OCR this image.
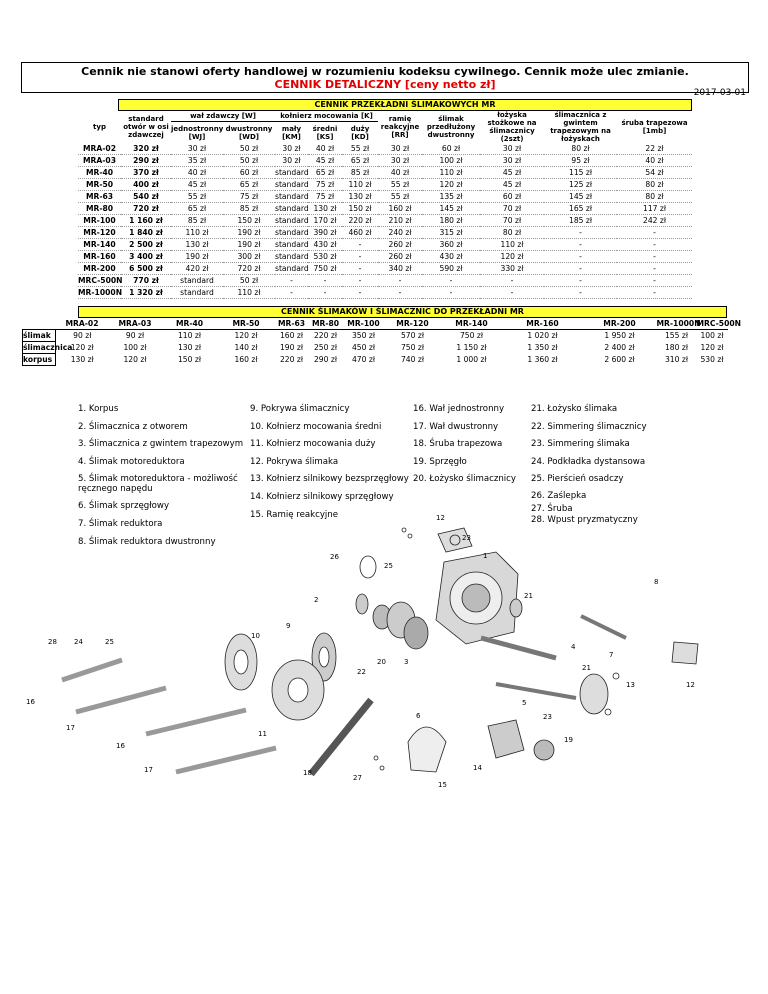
Cennik nie stanowi oferty handlowej w rozumieniu kodeksu cywilnego. Cennik może ulec zmianie.
CENNIK DETALICZNY [ceny netto zł]
2017-03-01
CENNIK PRZEKŁADNI ŚLIMAKOWYCH MR
typ	standard otwór w osi zdawczej	wał zdawczy [W]		kołnierz mocowania [K]			ramię reakcyjne [RR]	ślimak przedłużony dwustronny	łożyska stożkowe na ślimacznicy (2szt)	ślimacznica z gwintem trapezowym na łożyskach	śruba trapezowa [1mb]
		jednostronny [WJ]	dwustronny [WD]	mały [KM]	średni [KS]	duży [KD]					
MRA-02	320 zł	30 zł	50 zł	30 zł	40 zł	55 zł	30 zł	60 zł	30 zł	80 zł	22 zł
MRA-03	290 zł	35 zł	50 zł	30 zł	45 zł	65 zł	30 zł	100 zł	30 zł	95 zł	40 zł
MR-40	370 zł	40 zł	60 zł	standard	65 zł	85 zł	40 zł	110 zł	45 zł	115 zł	54 zł
MR-50	400 zł	45 zł	65 zł	standard	75 zł	110 zł	55 zł	120 zł	45 zł	125 zł	80 zł
MR-63	540 zł	55 zł	75 zł	standard	75 zł	130 zł	55 zł	135 zł	60 zł	145 zł	80 zł
MR-80	720 zł	65 zł	85 zł	standard	130 zł	150 zł	160 zł	145 zł	70 zł	165 zł	117 zł
MR-100	1 160 zł	85 zł	150 zł	standard	170 zł	220 zł	210 zł	180 zł	70 zł	185 zł	242 zł
MR-120	1 840 zł	110 zł	190 zł	standard	390 zł	460 zł	240 zł	315 zł	80 zł	-	-
MR-140	2 500 zł	130 zł	190 zł	standard	430 zł	-	260 zł	360 zł	110 zł	-	-
MR-160	3 400 zł	190 zł	300 zł	standard	530 zł	-	260 zł	430 zł	120 zł	-	-
MR-200	6 500 zł	420 zł	720 zł	standard	750 zł	-	340 zł	590 zł	330 zł	-	-
MRC-500N	770 zł	standard	50 zł	-	-	-	-	-	-	-	-
MR-1000N	1 320 zł	standard	110 zł	-	-	-	-	-	-	-	-
CENNIK ŚLIMAKÓW I ŚLIMACZNIC DO PRZEKŁADNI MR
	MRA-02	MRA-03	MR-40	MR-50	MR-63	MR-80	MR-100	MR-120	MR-140	MR-160	MR-200	MR-1000N	MRC-500N
ślimak	90 zł	90 zł	110 zł	120 zł	160 zł	220 zł	350 zł	570 zł	750 zł	1 020 zł	1 950 zł	155 zł	100 zł
ślimacznica	120 zł	100 zł	130 zł	140 zł	190 zł	250 zł	450 zł	750 zł	1 150 zł	1 350 zł	2 400 zł	180 zł	120 zł
korpus	130 zł	120 zł	150 zł	160 zł	220 zł	290 zł	470 zł	740 zł	1 000 zł	1 360 zł	2 600 zł	310 zł	530 zł
1. Korpus
2. Ślimacznica z otworem
3. Ślimacznica z gwintem trapezowym
4. Ślimak motoreduktora
5. Ślimak motoreduktora - możliwość ręcznego napędu
6. Ślimak sprzęgłowy
7. Ślimak reduktora
8. Ślimak reduktora dwustronny
9. Pokrywa ślimacznicy
10. Kołnierz mocowania średni
11. Kołnierz mocowania duży
12. Pokrywa ślimaka
13. Kołnierz silnikowy bezsprzęgłowy
14. Kołnierz silnikowy sprzęgłowy
15. Ramię reakcyjne
16. Wał jednostronny
17. Wał dwustronny
18. Śruba trapezowa
19. Sprzęgło
20. Łożysko ślimacznicy
21. Łożysko ślimaka
22. Simmering ślimacznicy
23. Simmering ślimaka
24. Podkładka dystansowa
25. Pierścień osadczy
26. Zaślepka
27. Śruba
28. Wpust pryzmatyczny
12
23
1
26
25
8
2	21
9
10
28 24	25
4
7
20	3
22	21
13	12
16	5
6	23
17
11
19
16
17	18
27
14
15
